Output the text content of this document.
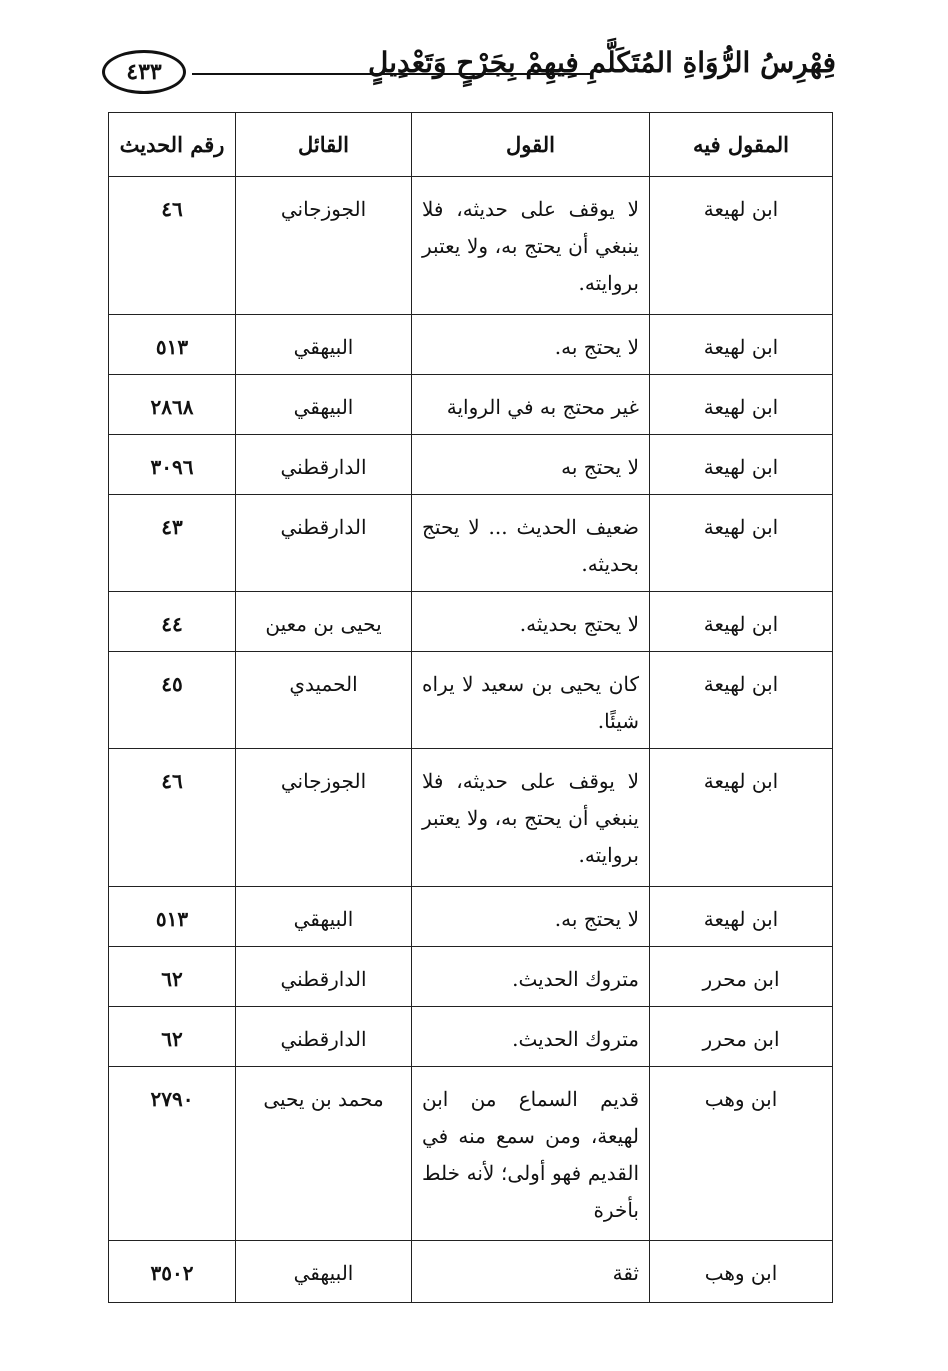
٤٣٣	فِهْرِسُ الرُّوَاةِ المُتَكَلَّمِ فِيهِمْ بِجَرْحٍ وَتَعْدِيلٍ
المقول فيه	القول	القائل	رقم الحديث
ابن لهيعة	لا يوقف على حديثه، فلا ينبغي أن يحتج به، ولا يعتبر بروايته.	الجوزجاني	٤٦
ابن لهيعة	لا يحتج به.	البيهقي	٥١٣
ابن لهيعة	غير محتج به في الرواية	البيهقي	٢٨٦٨
ابن لهيعة	لا يحتج به	الدارقطني	٣٠٩٦
ابن لهيعة	ضعيف الحديث ... لا يحتج بحديثه.	الدارقطني	٤٣
ابن لهيعة	لا يحتج بحديثه.	يحيى بن معين	٤٤
ابن لهيعة	كان يحيى بن سعيد لا يراه شيئًا.	الحميدي	٤٥
ابن لهيعة	لا يوقف على حديثه، فلا ينبغي أن يحتج به، ولا يعتبر بروايته.	الجوزجاني	٤٦
ابن لهيعة	لا يحتج به.	البيهقي	٥١٣
ابن محرر	متروك الحديث.	الدارقطني	٦٢
ابن محرر	متروك الحديث.	الدارقطني	٦٢
ابن وهب	قديم السماع من ابن لهيعة، ومن سمع منه في القديم فهو أولى؛ لأنه خلط بأخرة	محمد بن يحيى	٢٧٩٠
ابن وهب	ثقة	البيهقي	٣٥٠٢
